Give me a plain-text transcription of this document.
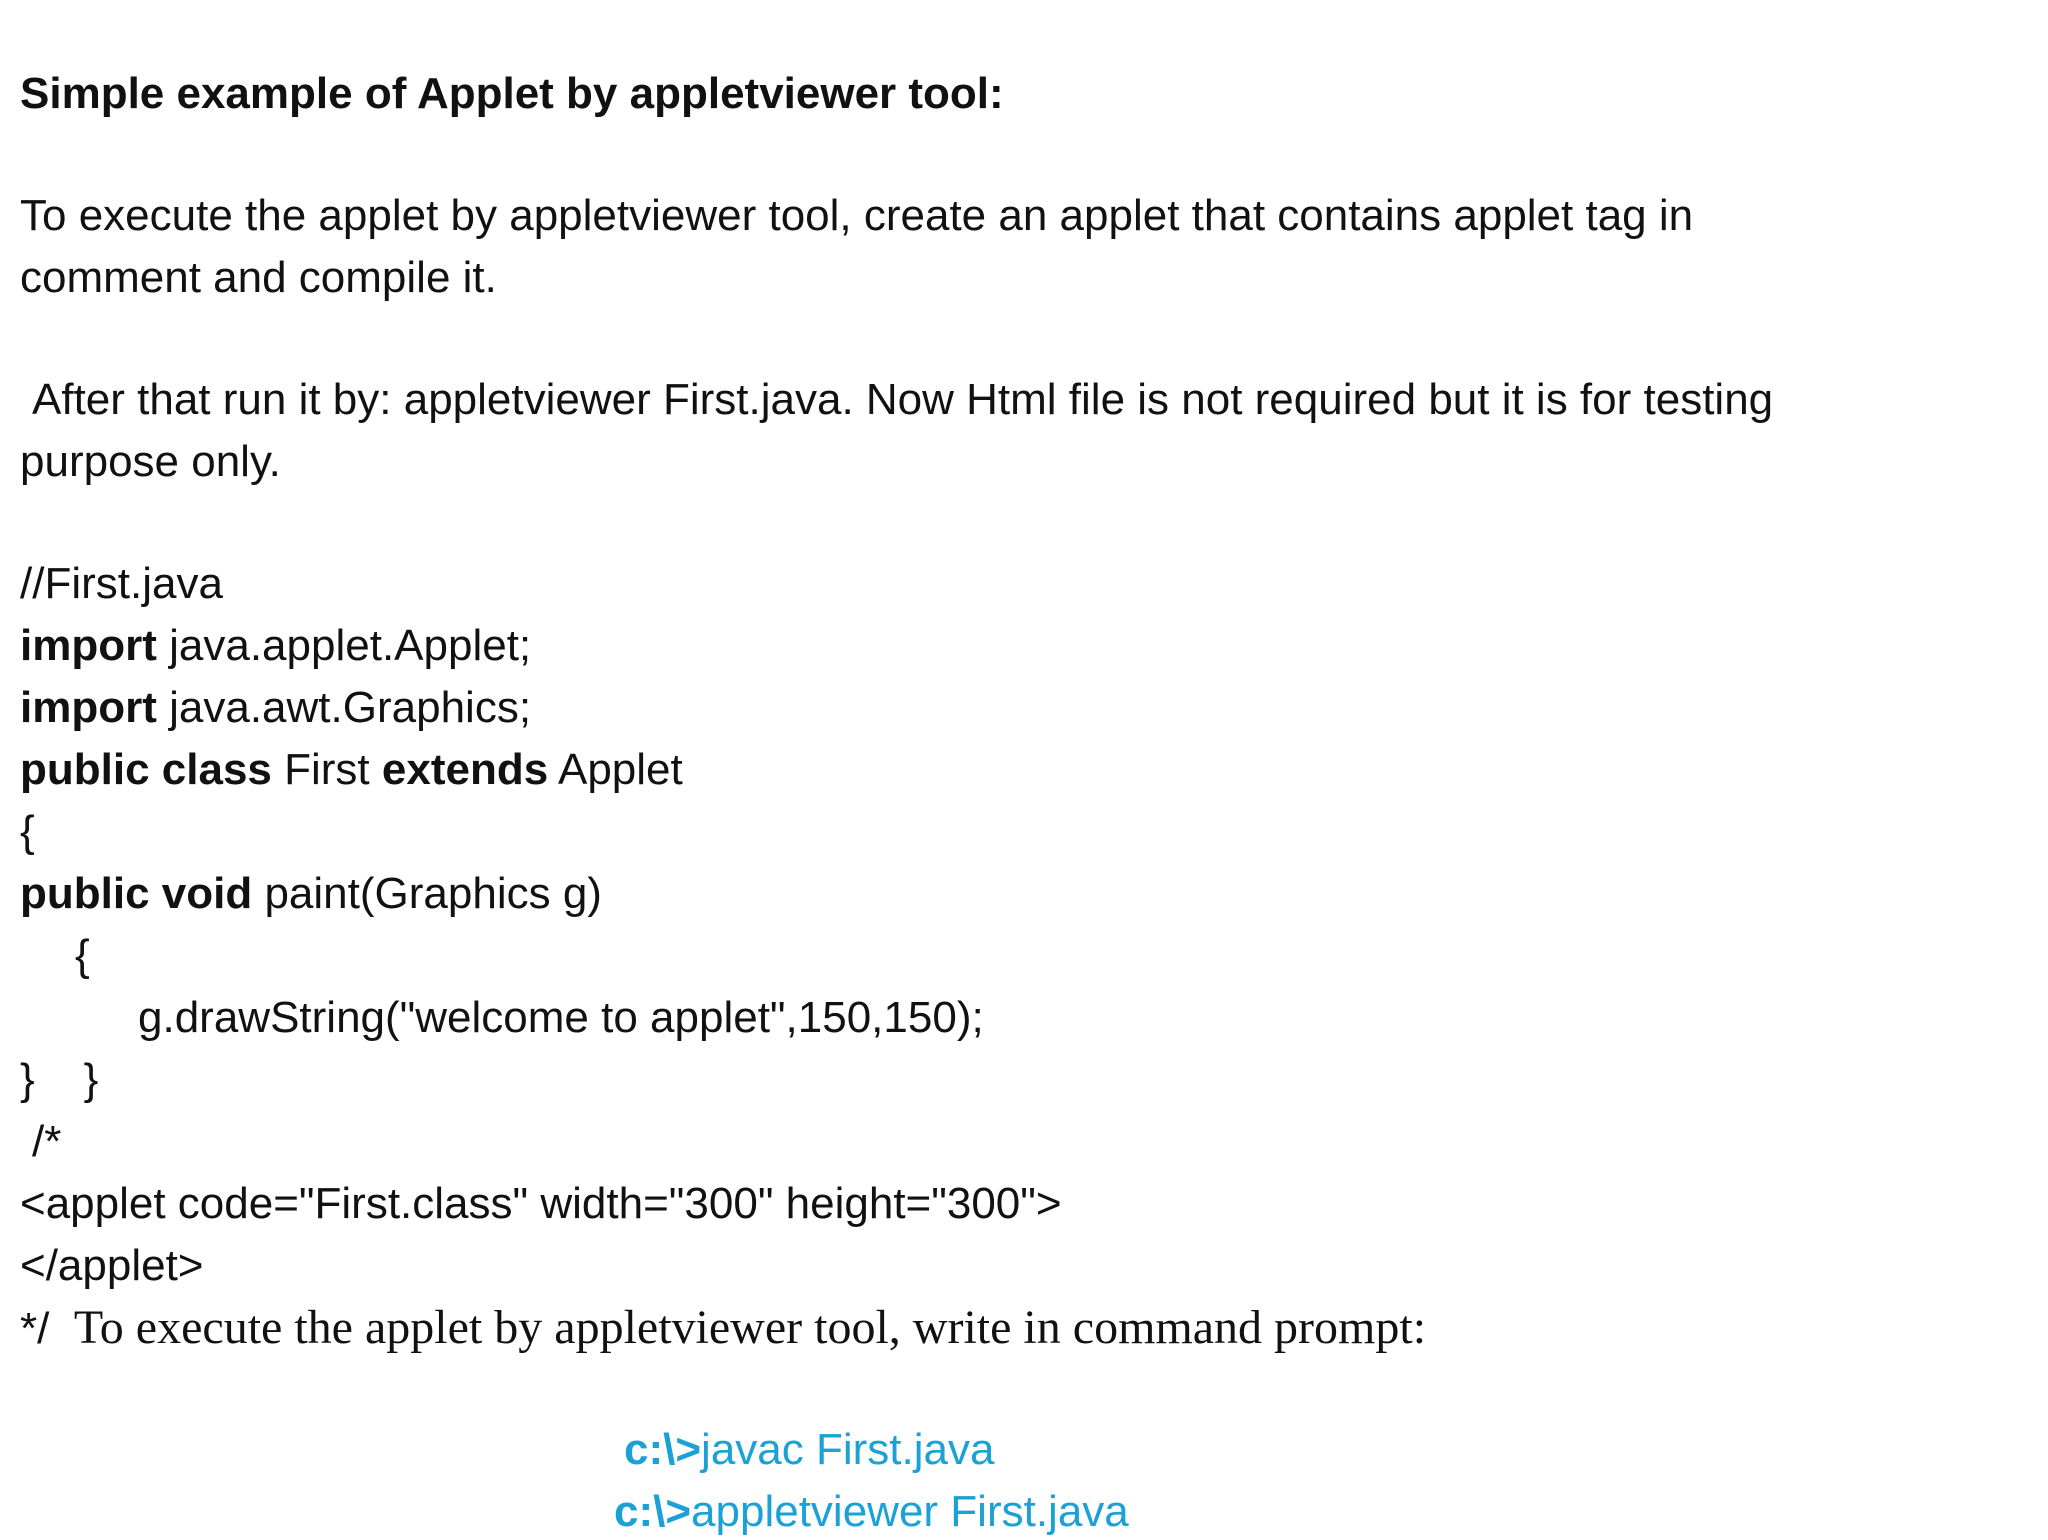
Simple example of Applet by appletviewer tool:
To execute the applet by appletviewer tool, create an applet that contains applet tag in
comment and compile it.
After that run it by: appletviewer First.java. Now Html file is not required but it is for testing
purpose only.
//First.java
import java.applet.Applet;
import java.awt.Graphics;
public class First extends Applet
{
public void paint(Graphics g)
{
g.drawString("welcome to applet",150,150);
}    }
/*
<applet code="First.class" width="300" height="300">
</applet>
*/ To execute the applet by appletviewer tool, write in command prompt:
c:\>javac First.java
c:\>appletviewer First.java
